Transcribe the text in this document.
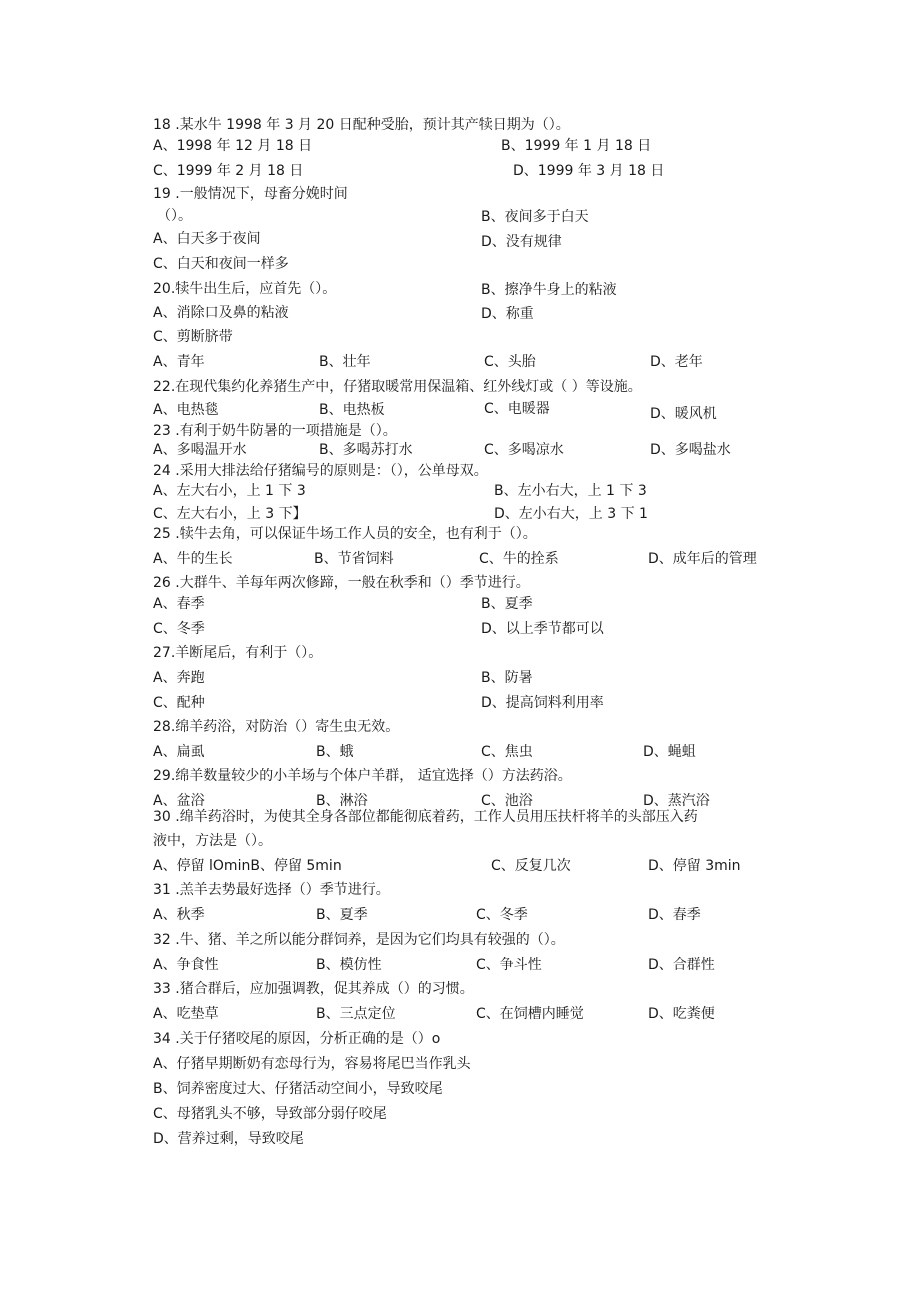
18 .某水牛 1998 年 3 月 20 日配种受胎，预计其产犊日期为（）。
A、1998 年 12 月 18 日	B、1999 年 1 月 18 日
C、1999 年 2 月 18 日	D、1999 年 3 月 18 日
19 .一般情况下，母畜分娩时间
（）。	B、夜间多于白天
A、白天多于夜间	D、没有规律
C、白天和夜间一样多
20.犊牛出生后，应首先（）。	B、擦净牛身上的粘液
A、消除口及鼻的粘液	D、称重
C、剪断脐带
A、青年	B、壮年	C、头胎	D、老年
22.在现代集约化养猪生产中，仔猪取暖常用保温箱、红外线灯或（ ）等设施。
A、电热毯	B、电热板	C、电暖器	D、暖风机
23 .有利于奶牛防暑的一项措施是（）。
A、多喝温开水	B、多喝苏打水	C、多喝凉水	D、多喝盐水
24 .采用大排法给仔猪编号的原则是：（），公单母双。
A、左大右小，上 1 下 3	B、左小右大，上 1 下 3
C、左大右小，上 3 下】	D、左小右大，上 3 下 1
25 .犊牛去角，可以保证牛场工作人员的安全，也有利于（）。
A、牛的生长	B、节省饲料	C、牛的拴系	D、成年后的管理
26 .大群牛、羊每年两次修蹄，一般在秋季和（）季节进行。
A、春季	B、夏季
C、冬季	D、以上季节都可以
27.羊断尾后，有利于（）。
A、奔跑	B、防暑
C、配种	D、提高饲料利用率
28.绵羊药浴，对防治（）寄生虫无效。
A、扁虱	B、蛾	C、焦虫	D、蝇蛆
29.绵羊数量较少的小羊场与个体户羊群， 适宜选择（）方法药浴。
A、盆浴	B、淋浴	C、池浴	D、蒸汽浴
30 .绵羊药浴时，为使其全身各部位都能彻底着药，工作人员用压扶杆将羊的头部压入药
液中，方法是（）。
A、停留 lOminB、停留 5min	C、反复几次	D、停留 3min
31 .羔羊去势最好选择（）季节进行。
A、秋季	B、夏季	C、冬季	D、春季
32 .牛、猪、羊之所以能分群饲养，是因为它们均具有较强的（）。
A、争食性	B、模仿性	C、争斗性	D、合群性
33 .猪合群后，应加强调教，促其养成（）的习惯。
A、吃垫草	B、三点定位	C、在饲槽内睡觉	D、吃粪便
34 .关于仔猪咬尾的原因，分析正确的是（）o
A、仔猪早期断奶有恋母行为，容易将尾巴当作乳头
B、饲养密度过大、仔猪活动空间小，导致咬尾
C、母猪乳头不够，导致部分弱仔咬尾
D、营养过剩，导致咬尾
